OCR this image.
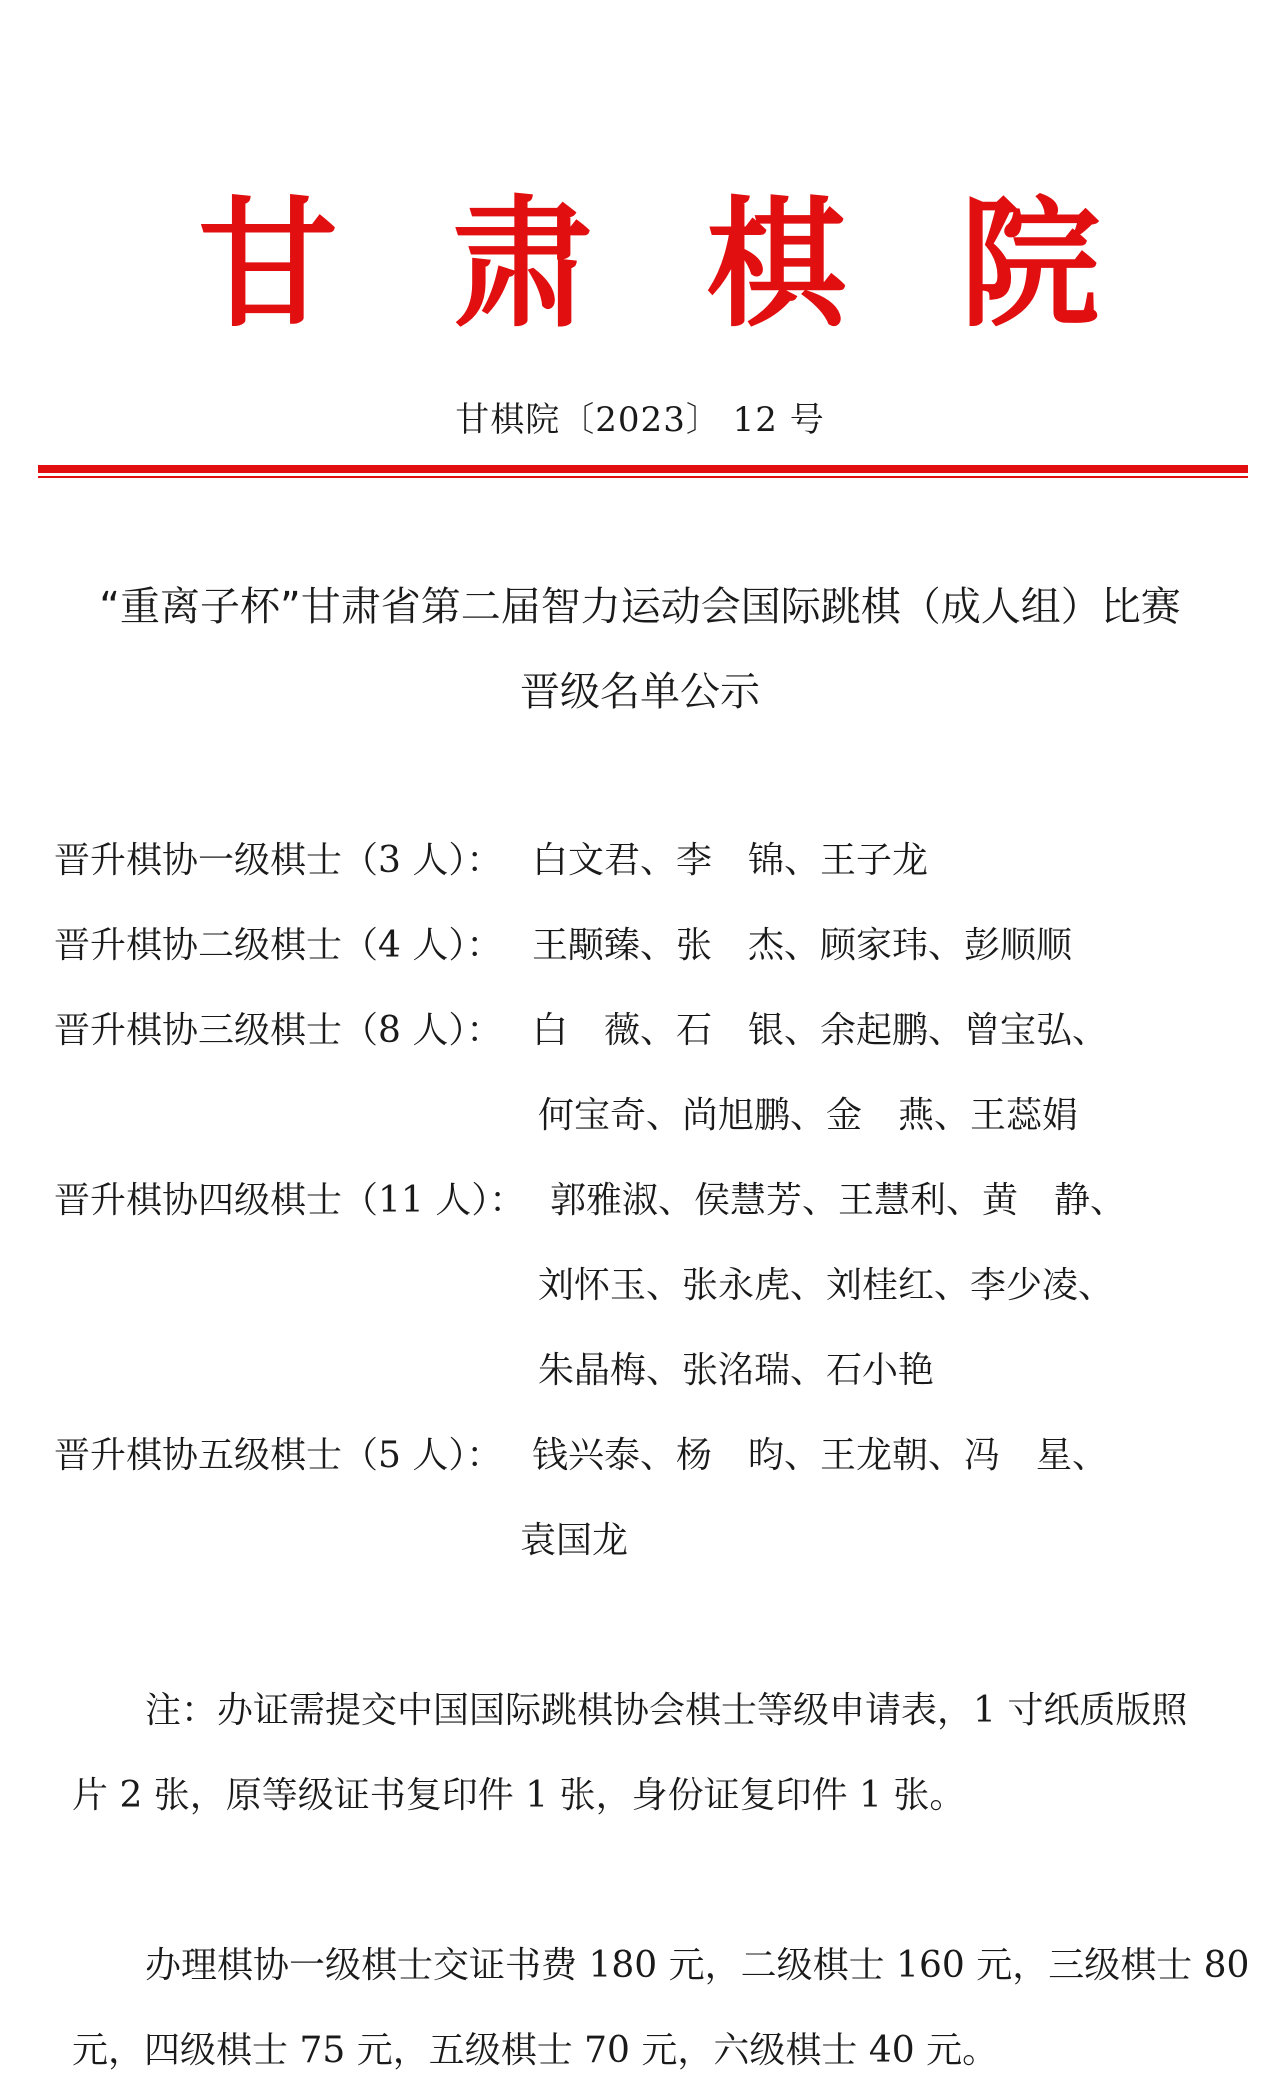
甘 肃 棋 院
甘棋院〔2023〕 12 号
“重离子杯”甘肃省第二届智力运动会国际跳棋（成人组）比赛
晋级名单公示
晋升棋协一级棋士（3 人）： 白文君、李　锦、王子龙
晋升棋协二级棋士（4 人）： 王颙臻、张　杰、顾家玮、彭顺顺
晋升棋协三级棋士（8 人）： 白　薇、石　银、余起鹏、曾宝弘、
何宝奇、尚旭鹏、金　燕、王蕊娟
晋升棋协四级棋士（11 人）： 郭雅淑、侯慧芳、王慧利、黄　静、
刘怀玉、张永虎、刘桂红、李少凌、
朱晶梅、张洺瑞、石小艳
晋升棋协五级棋士（5 人）： 钱兴泰、杨　昀、王龙朝、冯　星、
袁国龙
注：办证需提交中国国际跳棋协会棋士等级申请表，1 寸纸质版照
片 2 张，原等级证书复印件 1 张，身份证复印件 1 张。
办理棋协一级棋士交证书费 180 元，二级棋士 160 元，三级棋士 80
元，四级棋士 75 元，五级棋士 70 元，六级棋士 40 元。
